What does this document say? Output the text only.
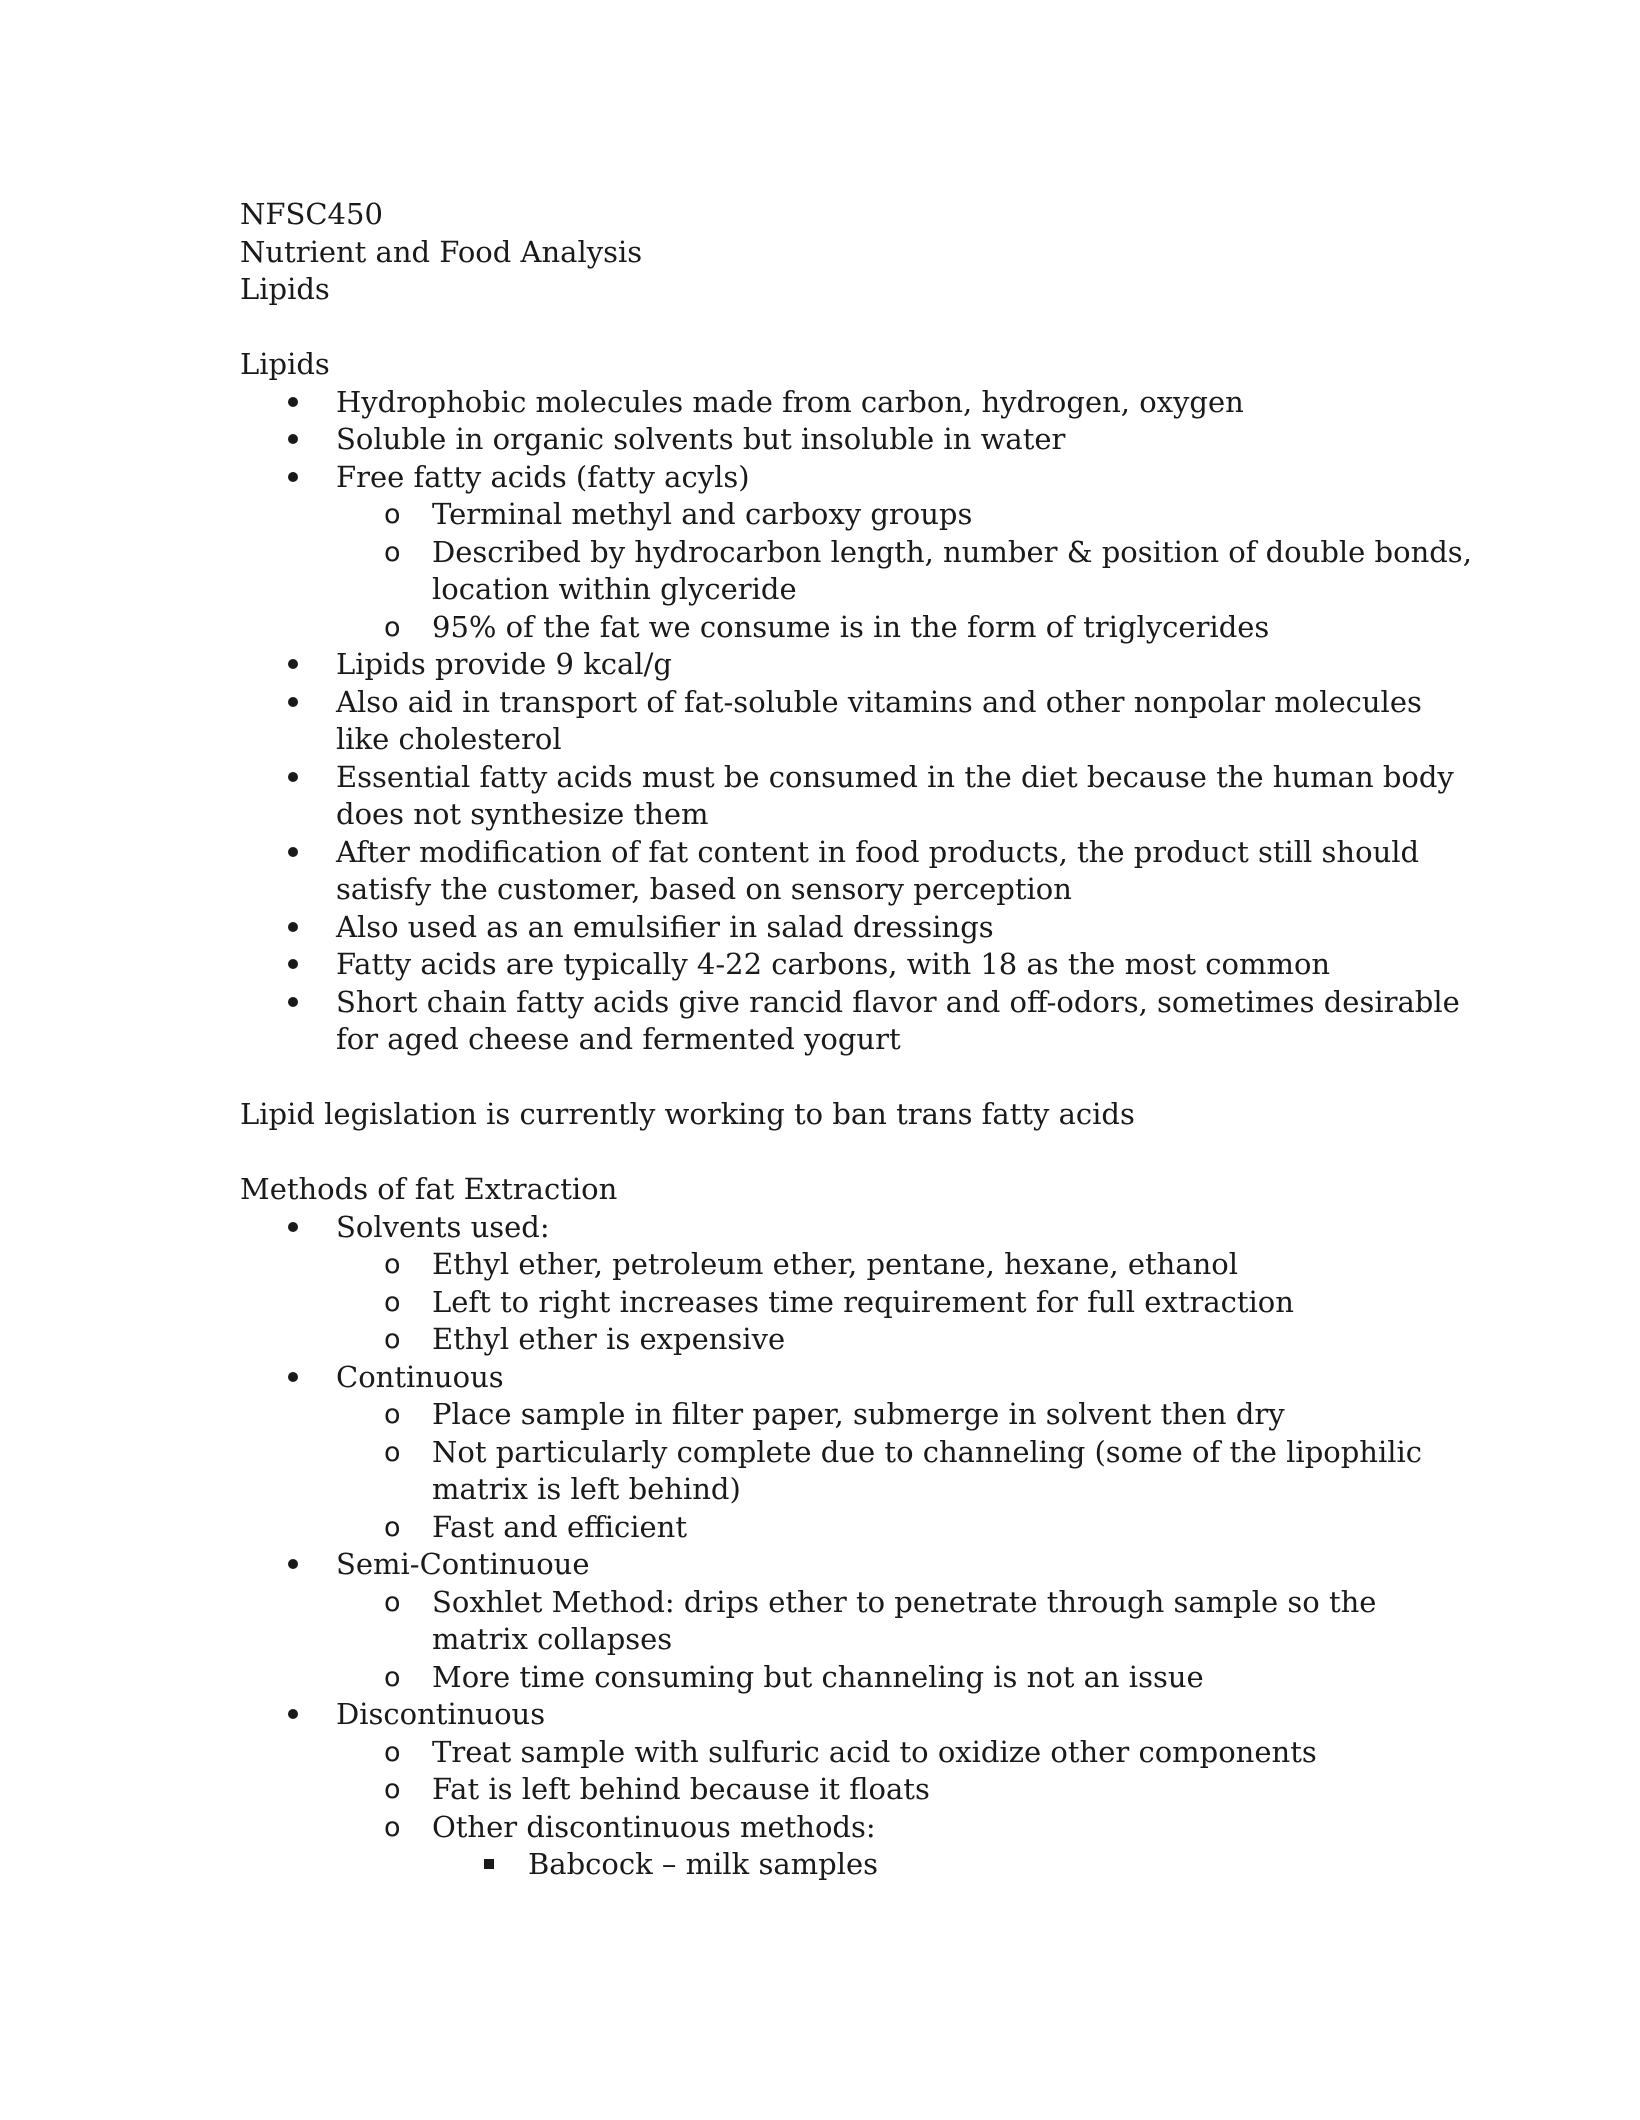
NFSC450
Nutrient and Food Analysis
Lipids
Lipids
Hydrophobic molecules made from carbon, hydrogen, oxygen
Soluble in organic solvents but insoluble in water
Free fatty acids (fatty acyls)
o Terminal methyl and carboxy groups
o Described by hydrocarbon length, number & position of double bonds,
location within glyceride
o 95% of the fat we consume is in the form of triglycerides
Lipids provide 9 kcal/g
Also aid in transport of fat-soluble vitamins and other nonpolar molecules
like cholesterol
Essential fatty acids must be consumed in the diet because the human body
does not synthesize them
After modification of fat content in food products, the product still should
satisfy the customer, based on sensory perception
Also used as an emulsifier in salad dressings
Fatty acids are typically 4-22 carbons, with 18 as the most common
Short chain fatty acids give rancid flavor and off-odors, sometimes desirable
for aged cheese and fermented yogurt
Lipid legislation is currently working to ban trans fatty acids
Methods of fat Extraction
Solvents used:
o Ethyl ether, petroleum ether, pentane, hexane, ethanol
o Left to right increases time requirement for full extraction
o Ethyl ether is expensive
Continuous
o Place sample in filter paper, submerge in solvent then dry
o Not particularly complete due to channeling (some of the lipophilic
matrix is left behind)
o Fast and efficient
Semi-Continuoue
o Soxhlet Method: drips ether to penetrate through sample so the
matrix collapses
o More time consuming but channeling is not an issue
Discontinuous
o Treat sample with sulfuric acid to oxidize other components
o Fat is left behind because it floats
o Other discontinuous methods:
Babcock – milk samples
